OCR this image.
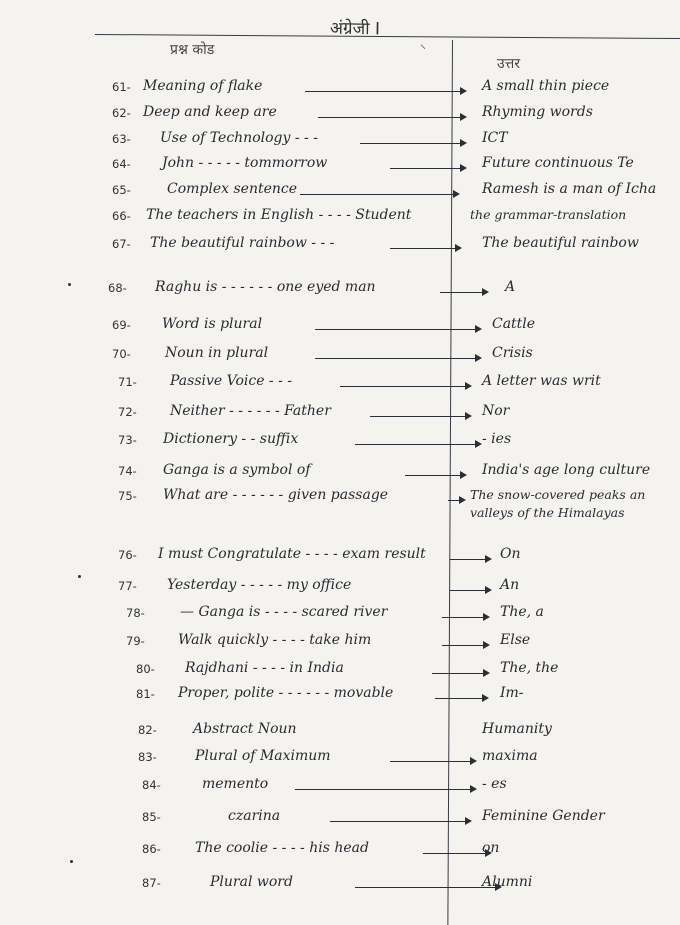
अंग्रेजी I
प्रश्न कोड	⸌
उत्तर
61- Meaning of flake	A small thin piece
62- Deep and keep are	Rhyming words
63- Use of Technology - - -	ICT
64- John - - - - - tommorrow	Future continuous Te
65-	Complex sentence	Ramesh is a man of Icha
66- The teachers in English - - - - Student	the grammar-translation
67- The beautiful rainbow - - -	The beautiful rainbow
68- Raghu is - - - - - - one eyed man	A
69- Word is plural	Cattle
70- Noun in plural	Crisis
71- Passive Voice - - -	A letter was writ
72- Neither - - - - - - Father	Nor
73- Dictionery - - suffix	- ies
74- Ganga is a symbol of	India's age long culture
75- What are - - - - - - given passage	The snow-covered peaks an
valleys of the Himalayas
76- I must Congratulate - - - - exam result	On
77- Yesterday - - - - - my office	An
78-	— Ganga is - - - - scared river	The, a
79- Walk quickly - - - - take him	Else
80- Rajdhani - - - - in India	The, the
81- Proper, polite - - - - - - movable	Im-
82-	Abstract Noun	Humanity
83-	Plural of Maximum	maxima
84-	memento	- es
85-	czarina	Feminine Gender
86- The coolie - - - - his head	on
87-	Plural word	Alumni
